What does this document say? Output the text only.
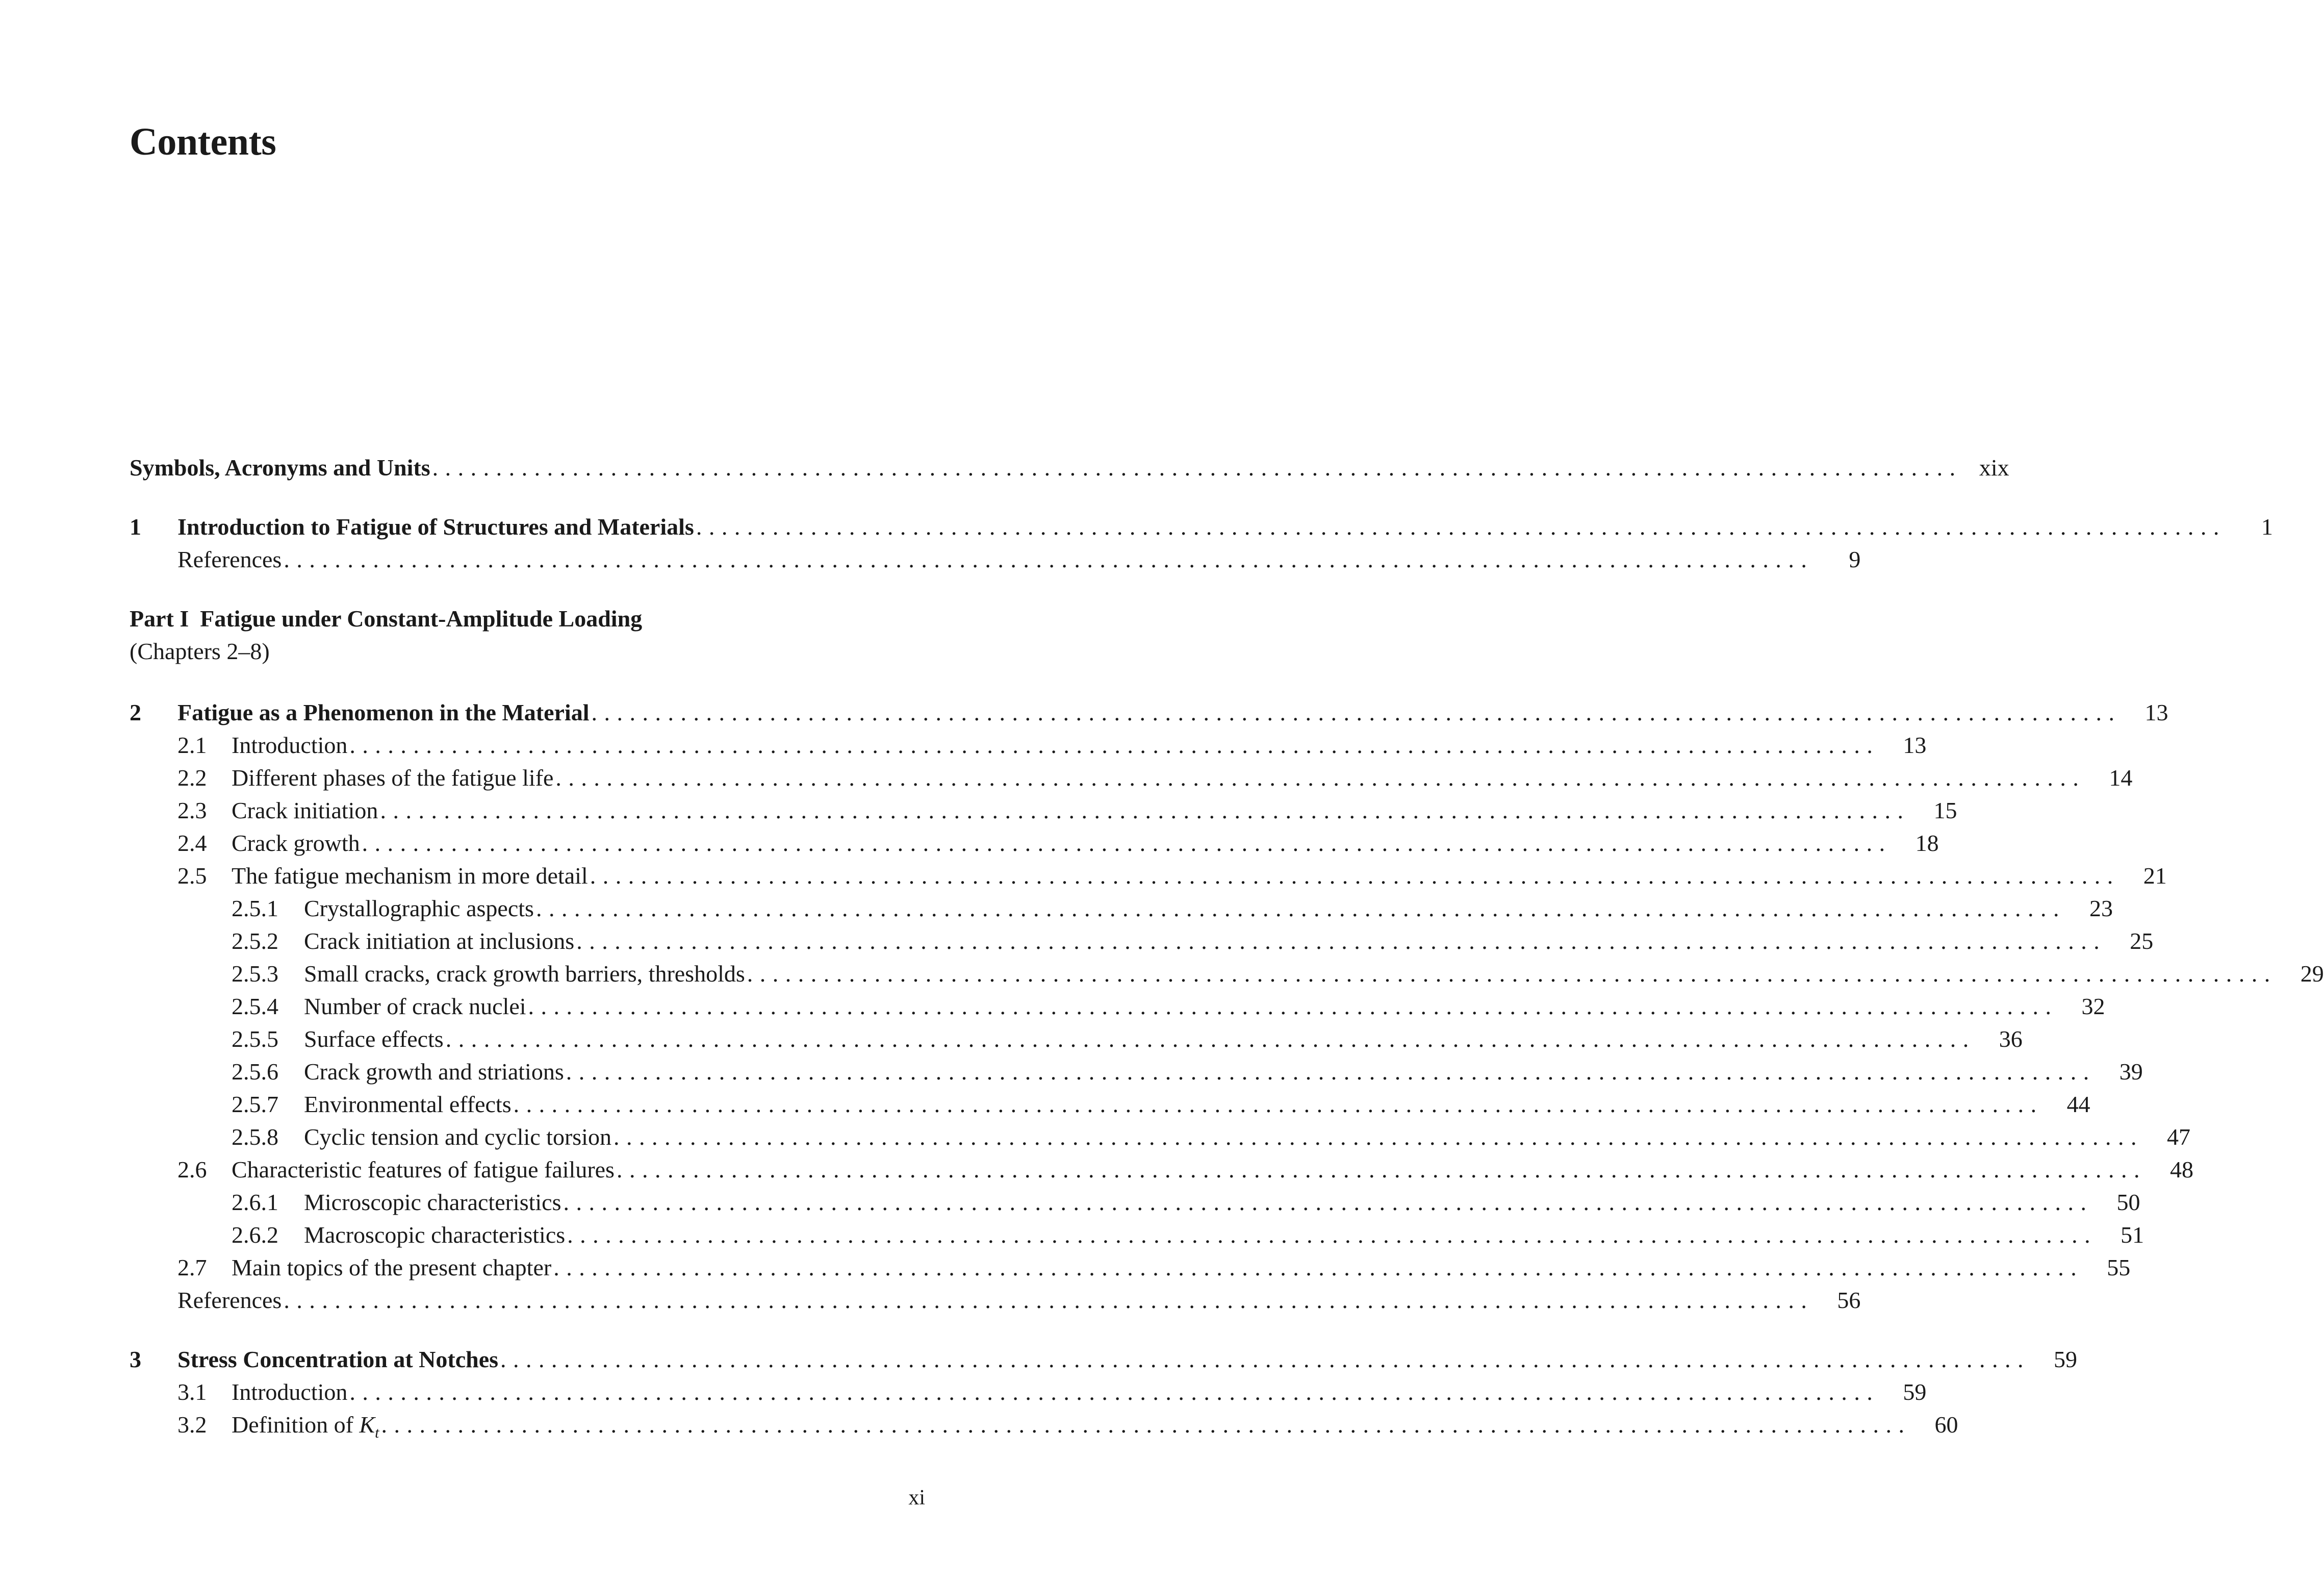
Contents
Symbols, Acronyms and Units ........................................................................................................................ xix
1	Introduction to Fatigue of Structures and Materials ........................................................................................................................	1
References ........................................................................................................................	9
Part I Fatigue under Constant-Amplitude Loading
(Chapters 2–8)
2	Fatigue as a Phenomenon in the Material ........................................................................................................................	13
2.1	Introduction ........................................................................................................................	13
2.2	Different phases of the fatigue life ........................................................................................................................	14
2.3	Crack initiation ........................................................................................................................	15
2.4	Crack growth ........................................................................................................................	18
2.5	The fatigue mechanism in more detail ........................................................................................................................	21
2.5.1	Crystallographic aspects ........................................................................................................................	23
2.5.2	Crack initiation at inclusions ........................................................................................................................	25
2.5.3	Small cracks, crack growth barriers, thresholds ........................................................................................................................	29
2.5.4	Number of crack nuclei ........................................................................................................................	32
2.5.5	Surface effects ........................................................................................................................	36
2.5.6	Crack growth and striations ........................................................................................................................	39
2.5.7	Environmental effects ........................................................................................................................	44
2.5.8	Cyclic tension and cyclic torsion ........................................................................................................................	47
2.6	Characteristic features of fatigue failures ........................................................................................................................	48
2.6.1	Microscopic characteristics ........................................................................................................................	50
2.6.2	Macroscopic characteristics ........................................................................................................................	51
2.7	Main topics of the present chapter ........................................................................................................................	55
References ........................................................................................................................	56
3	Stress Concentration at Notches ........................................................................................................................	59
3.1	Introduction ........................................................................................................................	59
3.2	Definition of $K_t$ ........................................................................................................................	60
xi
